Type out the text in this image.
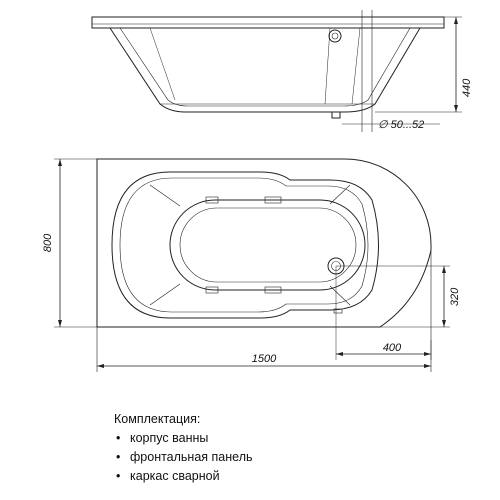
440
∅ 50...52
800
1500
400
320
Комплектация:
• корпус ванны
• фронтальная панель
• каркас сварной
